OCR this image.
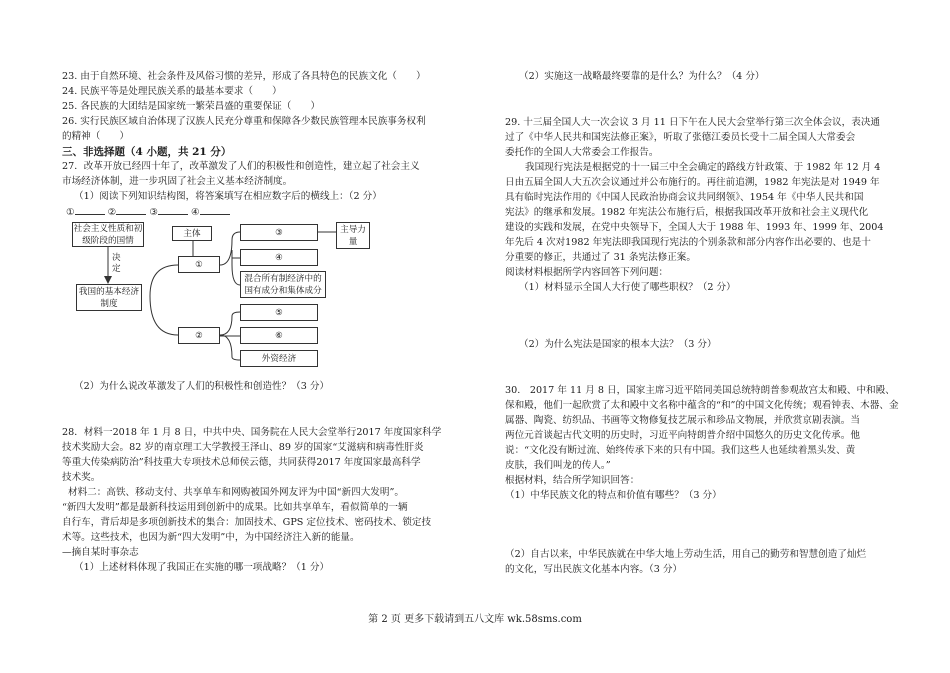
23. 由于自然环境、社会条件及风俗习惯的差异，形成了各具特色的民族文化（　　）
24. 民族平等是处理民族关系的最基本要求（　　）
25. 各民族的大团结是国家统一繁荣昌盛的重要保证（　　）
26. 实行民族区域自治体现了汉族人民充分尊重和保障各少数民族管理本民族事务权利
的精神（　　）
三、非选择题（4 小题，共 21 分）
27．改革开放已经四十年了，改革激发了人们的积极性和创造性，建立起了社会主义
市场经济体制，进一步巩固了社会主义基本经济制度。
（1）阅读下列知识结构图，将答案填写在相应数字后的横线上：（2 分）
①	②	③	④
社会主义性质和初级阶段的国情
决定
我国的基本经济制度
主体
①
②
③	主导力量
④
混合所有制经济中的国有成分和集体成分
⑤
⑥
外资经济
（2）为什么说改革激发了人们的积极性和创造性？（3 分）
28．材料一2018 年 1 月 8 日，中共中央、国务院在人民大会堂举行2017 年度国家科学
技术奖励大会。82 岁的南京理工大学教授王泽山、89 岁的国家“艾滋病和病毒性肝炎
等重大传染病防治”科技重大专项技术总师侯云德，共同获得2017 年度国家最高科学
技术奖。
材料二：高铁、移动支付、共享单车和网购被国外网友评为中国“新四大发明”。
“新四大发明”都是最新科技运用到创新中的成果。比如共享单车，看似简单的一辆
自行车，背后却是多项创新技术的集合：加固技术、GPS 定位技术、密码技术、锁定技
术等。这些技术，也因为新“四大发明”中，为中国经济注入新的能量。
—摘自某时事杂志
（1）上述材料体现了我国正在实施的哪一项战略？（1 分）
（2）实施这一战略最终要靠的是什么？为什么？（4 分）
29. 十三届全国人大一次会议 3 月 11 日下午在人民大会堂举行第三次全体会议，表决通
过了《中华人民共和国宪法修正案》，听取了张德江委员长受十二届全国人大常委会
委托作的全国人大常委会工作报告。
我国现行宪法是根据党的十一届三中全会确定的路线方针政策、于 1982 年 12 月 4
日由五届全国人大五次会议通过并公布施行的。再往前追溯，1982 年宪法是对 1949 年
具有临时宪法作用的《中国人民政治协商会议共同纲领》、1954 年《中华人民共和国
宪法》的继承和发展。1982 年宪法公布施行后，根据我国改革开放和社会主义现代化
建设的实践和发展，在党中央领导下，全国人大于 1988 年、1993 年、1999 年、2004
年先后 4 次对1982 年宪法即我国现行宪法的个别条款和部分内容作出必要的、也是十
分重要的修正，共通过了 31 条宪法修正案。
阅读材料根据所学内容回答下列问题：
（1）材料显示全国人大行使了哪些职权？（2 分）
（2）为什么宪法是国家的根本大法？（3 分）
30.　2017 年 11 月 8 日，国家主席习近平陪同美国总统特朗普参观故宫太和殿、中和殿、
保和殿，他们一起欣赏了太和殿中文名称中蕴含的“和”的中国文化传统；观看钟表、木器、金
属器、陶瓷、纺织品、书画等文物修复技艺展示和珍品文物展，并欣赏京剧表演。当
两位元首谈起古代文明的历史时，习近平向特朗普介绍中国悠久的历史文化传承。他
说：“文化没有断过流、始终传承下来的只有中国。我们这些人也延续着黑头发、黄
皮肤，我们叫龙的传人。”
根据材料，结合所学知识回答：
（1）中华民族文化的特点和价值有哪些？（3 分）
（2）自古以来，中华民族就在中华大地上劳动生活，用自己的勤劳和智慧创造了灿烂
的文化，写出民族文化基本内容。（3 分）
第 2 页 更多下载请到五八文库 wk.58sms.com
